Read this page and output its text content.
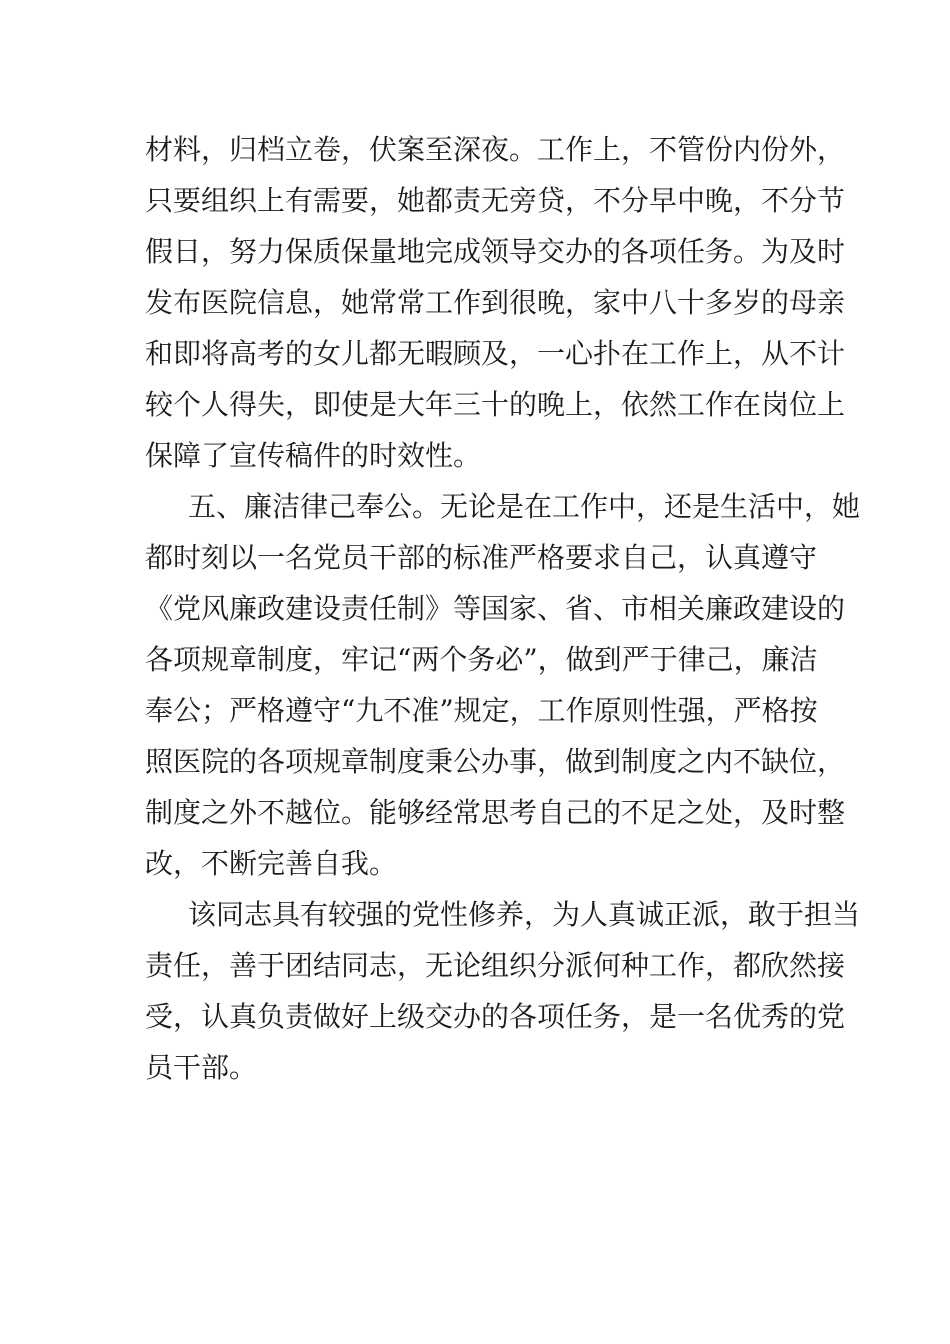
材料，归档立卷，伏案至深夜。工作上，不管份内份外，
只要组织上有需要，她都责无旁贷，不分早中晚，不分节
假日，努力保质保量地完成领导交办的各项任务。为及时
发布医院信息，她常常工作到很晚，家中八十多岁的母亲
和即将高考的女儿都无暇顾及，一心扑在工作上，从不计
较个人得失，即使是大年三十的晚上，依然工作在岗位上
保障了宣传稿件的时效性。
五、廉洁律己奉公。无论是在工作中，还是生活中，她
都时刻以一名党员干部的标准严格要求自己，认真遵守
《党风廉政建设责任制》等国家、省、市相关廉政建设的
各项规章制度，牢记“两个务必”，做到严于律己，廉洁
奉公；严格遵守“九不准”规定，工作原则性强，严格按
照医院的各项规章制度秉公办事，做到制度之内不缺位，
制度之外不越位。能够经常思考自己的不足之处，及时整
改，不断完善自我。
该同志具有较强的党性修养，为人真诚正派，敢于担当
责任，善于团结同志，无论组织分派何种工作，都欣然接
受，认真负责做好上级交办的各项任务，是一名优秀的党
员干部。
